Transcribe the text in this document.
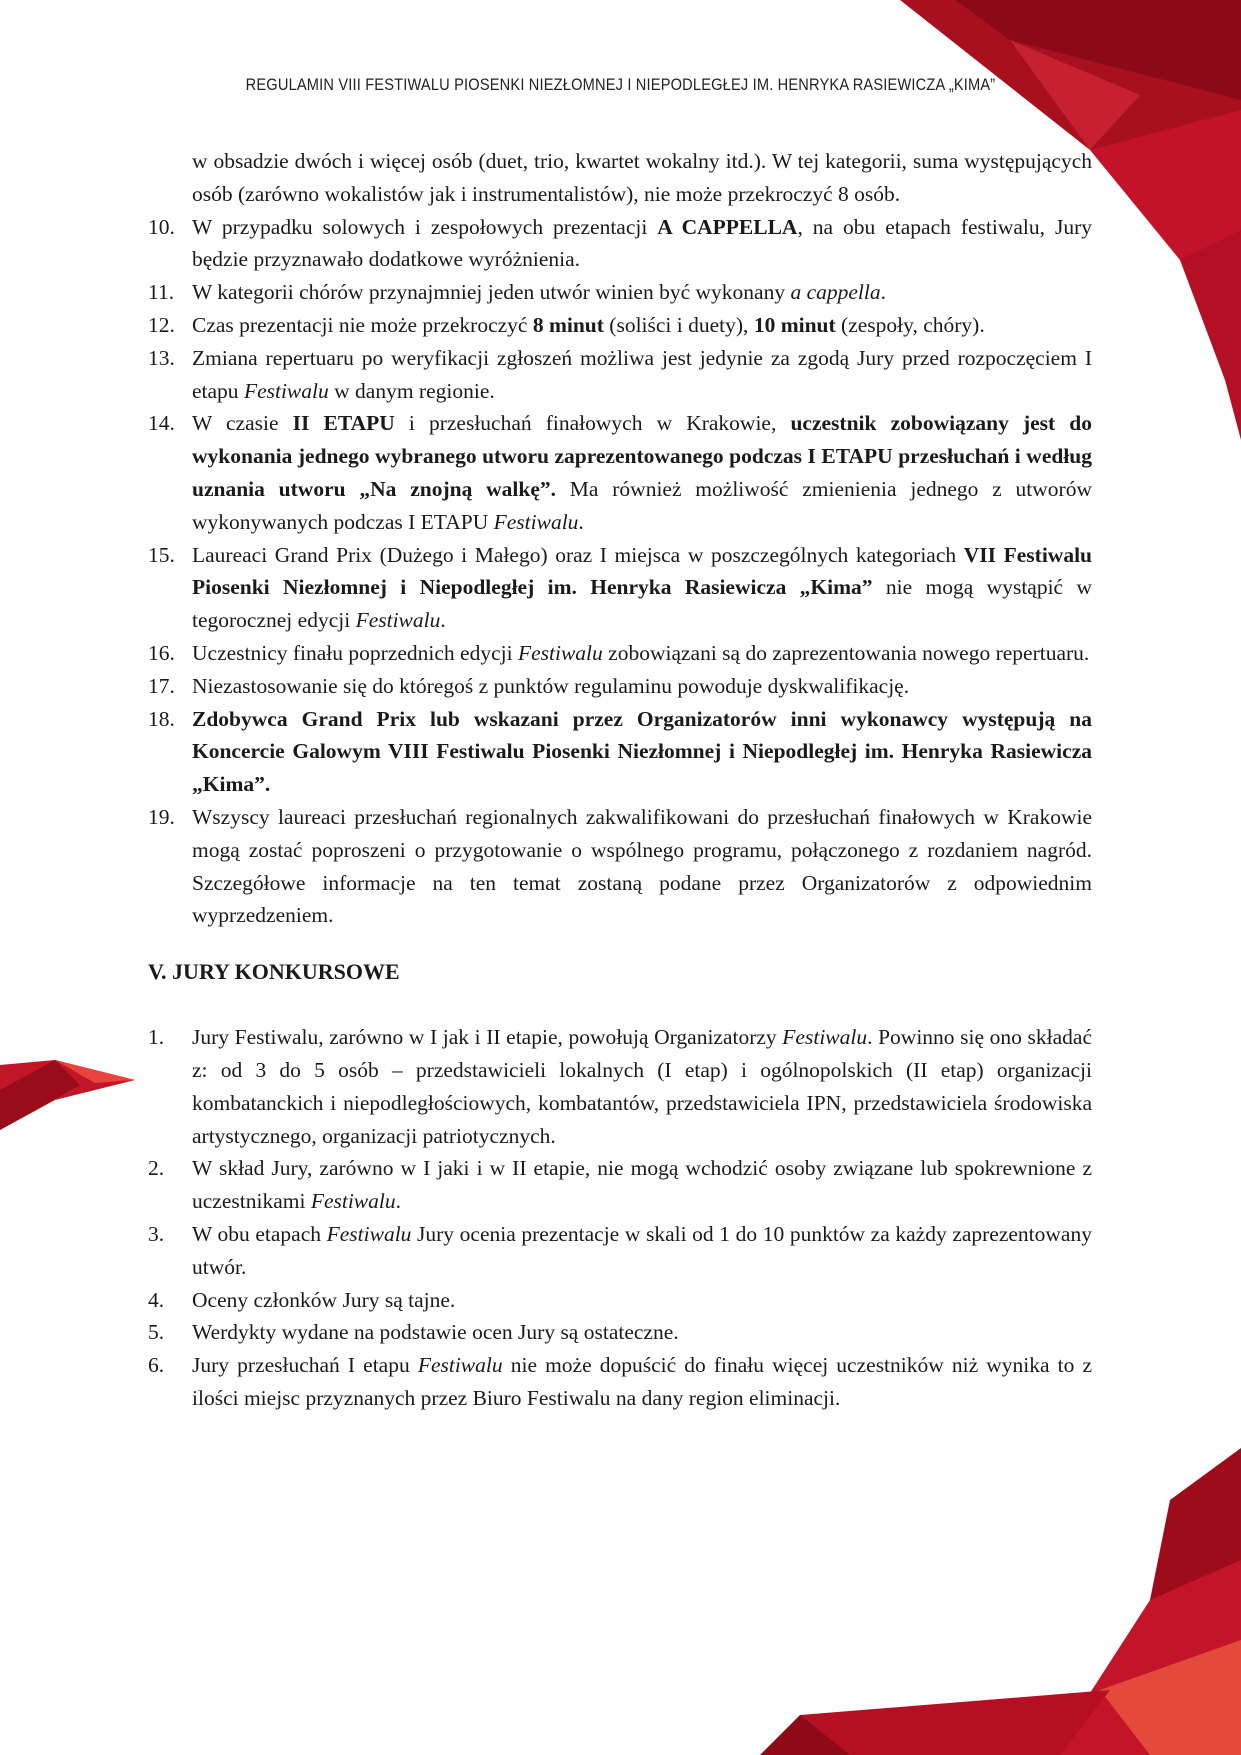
REGULAMIN VIII FESTIWALU PIOSENKI NIEZŁOMNEJ I NIEPODLEGŁEJ IM. HENRYKA RASIEWICZA „KIMA”
w obsadzie dwóch i więcej osób (duet, trio, kwartet wokalny itd.). W tej kategorii, suma występujących osób (zarówno wokalistów jak i instrumentalistów), nie może przekroczyć 8 osób.
10. W przypadku solowych i zespołowych prezentacji A CAPPELLA, na obu etapach festiwalu, Jury będzie przyznawało dodatkowe wyróżnienia.
11. W kategorii chórów przynajmniej jeden utwór winien być wykonany a cappella.
12. Czas prezentacji nie może przekroczyć 8 minut (soliści i duety), 10 minut (zespoły, chóry).
13. Zmiana repertuaru po weryfikacji zgłoszeń możliwa jest jedynie za zgodą Jury przed rozpoczęciem I etapu Festiwalu w danym regionie.
14. W czasie II ETAPU i przesłuchań finałowych w Krakowie, uczestnik zobowiązany jest do wykonania jednego wybranego utworu zaprezentowanego podczas I ETAPU przesłuchań i według uznania utworu „Na znojną walkę”. Ma również możliwość zmienienia jednego z utworów wykonywanych podczas I ETAPU Festiwalu.
15. Laureaci Grand Prix (Dużego i Małego) oraz I miejsca w poszczególnych kategoriach VII Festiwalu Piosenki Niezłomnej i Niepodległej im. Henryka Rasiewicza „Kima” nie mogą wystąpić w tegorocznej edycji Festiwalu.
16. Uczestnicy finału poprzednich edycji Festiwalu zobowiązani są do zaprezentowania nowego repertuaru.
17. Niezastosowanie się do któregoś z punktów regulaminu powoduje dyskwalifikację.
18. Zdobywca Grand Prix lub wskazani przez Organizatorów inni wykonawcy występują na Koncercie Galowym VIII Festiwalu Piosenki Niezłomnej i Niepodległej im. Henryka Rasiewicza „Kima”.
19. Wszyscy laureaci przesłuchań regionalnych zakwalifikowani do przesłuchań finałowych w Krakowie mogą zostać poproszeni o przygotowanie o wspólnego programu, połączonego z rozdaniem nagród. Szczegółowe informacje na ten temat zostaną podane przez Organizatorów z odpowiednim wyprzedzeniem.
V. JURY KONKURSOWE
1. Jury Festiwalu, zarówno w I jak i II etapie, powołują Organizatorzy Festiwalu. Powinno się ono składać z: od 3 do 5 osób – przedstawicieli lokalnych (I etap) i ogólnopolskich (II etap) organizacji kombatanckich i niepodległościowych, kombatantów, przedstawiciela IPN, przedstawiciela środowiska artystycznego, organizacji patriotycznych.
2. W skład Jury, zarówno w I jaki i w II etapie, nie mogą wchodzić osoby związane lub spokrewnione z uczestnikami Festiwalu.
3. W obu etapach Festiwalu Jury ocenia prezentacje w skali od 1 do 10 punktów za każdy zaprezentowany utwór.
4. Oceny członków Jury są tajne.
5. Werdykty wydane na podstawie ocen Jury są ostateczne.
6. Jury przesłuchań I etapu Festiwalu nie może dopuścić do finału więcej uczestników niż wynika to z ilości miejsc przyznanych przez Biuro Festiwalu na dany region eliminacji.
